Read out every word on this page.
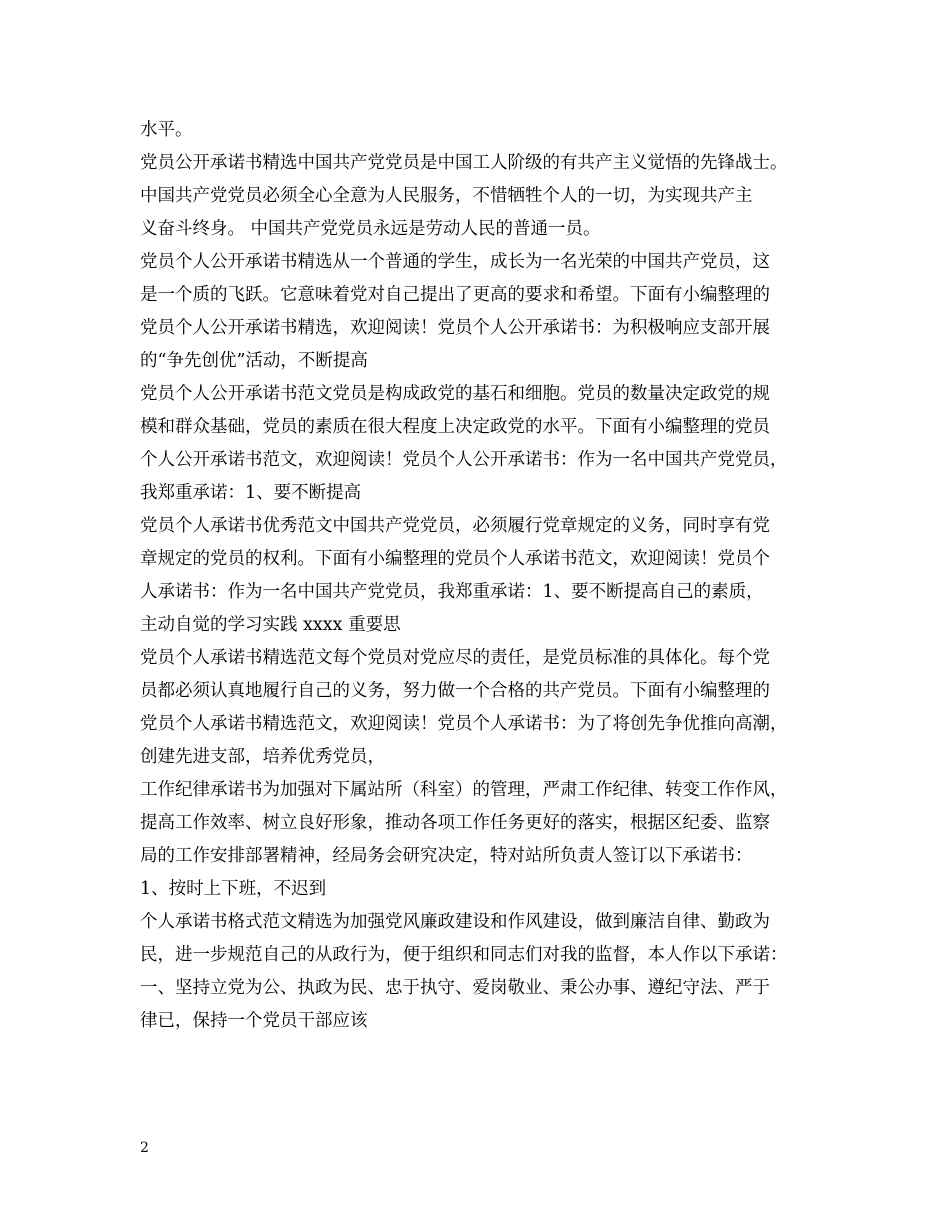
水平。
党员公开承诺书精选中国共产党党员是中国工人阶级的有共产主义觉悟的先锋战士。
中国共产党党员必须全心全意为人民服务，不惜牺牲个人的一切，为实现共产主
义奋斗终身。 中国共产党党员永远是劳动人民的普通一员。
党员个人公开承诺书精选从一个普通的学生，成长为一名光荣的中国共产党员，这
是一个质的飞跃。它意味着党对自己提出了更高的要求和希望。下面有小编整理的
党员个人公开承诺书精选，欢迎阅读！党员个人公开承诺书：为积极响应支部开展
的“争先创优”活动，不断提高
党员个人公开承诺书范文党员是构成政党的基石和细胞。党员的数量决定政党的规
模和群众基础，党员的素质在很大程度上决定政党的水平。下面有小编整理的党员
个人公开承诺书范文，欢迎阅读！党员个人公开承诺书：作为一名中国共产党党员，
我郑重承诺：1、要不断提高
党员个人承诺书优秀范文中国共产党党员，必须履行党章规定的义务，同时享有党
章规定的党员的权利。下面有小编整理的党员个人承诺书范文，欢迎阅读！党员个
人承诺书：作为一名中国共产党党员，我郑重承诺：1、要不断提高自己的素质，
主动自觉的学习实践 xxxx 重要思
党员个人承诺书精选范文每个党员对党应尽的责任，是党员标准的具体化。每个党
员都必须认真地履行自己的义务，努力做一个合格的共产党员。下面有小编整理的
党员个人承诺书精选范文，欢迎阅读！党员个人承诺书：为了将创先争优推向高潮，
创建先进支部，培养优秀党员，
工作纪律承诺书为加强对下属站所（科室）的管理，严肃工作纪律、转变工作作风，
提高工作效率、树立良好形象，推动各项工作任务更好的落实，根据区纪委、监察
局的工作安排部署精神，经局务会研究决定，特对站所负责人签订以下承诺书：
1、按时上下班，不迟到
个人承诺书格式范文精选为加强党风廉政建设和作风建设，做到廉洁自律、勤政为
民，进一步规范自己的从政行为，便于组织和同志们对我的监督，本人作以下承诺：
一、坚持立党为公、执政为民、忠于执守、爱岗敬业、秉公办事、遵纪守法、严于
律已，保持一个党员干部应该
2
